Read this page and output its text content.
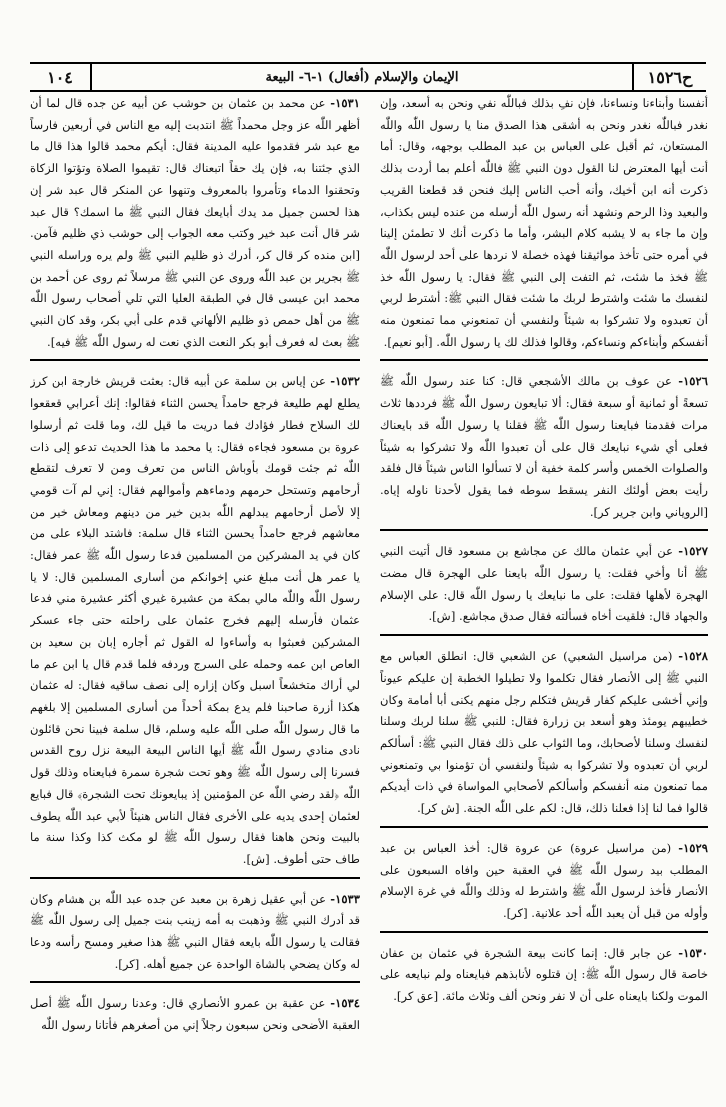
١٠٤	الإيمان والإسلام (أفعال) ١-٦- البيعة	ح١٥٢٦
أنفسنا وأبناءنا ونساءنا، فإن نفِ بذلك فباللّٰه نفي ونحن به أسعد، وإن نغدر فباللّٰه نغدر ونحن به أشقى هذا الصدق منا يا رسول اللّٰه واللّٰه المستعان، ثم أقبل على العباس بن عبد المطلب بوجهه، وقال: أما أنت أيها المعترض لنا القول دون النبي ﷺ فاللّٰه أعلم بما أردت بذلك ذكرت أنه ابن أخيك، وأنه أحب الناس إليك فنحن قد قطعنا القريب والبعيد وذا الرحم ونشهد أنه رسول اللّٰه أرسله من عنده ليس بكذاب، وإن ما جاء به لا يشبه كلام البشر، وأما ما ذكرت أنك لا تطمئن إلينا في أمره حتى تأخذ مواثيقنا فهذه خصلة لا نردها على أحد لرسول اللّٰه ﷺ فخذ ما شئت، ثم التفت إلى النبي ﷺ فقال: يا رسول اللّٰه خذ لنفسك ما شئت واشترط لربك ما شئت فقال النبي ﷺ: أشترط لربي أن تعبدوه ولا تشركوا به شيئاً ولنفسي أن تمنعوني مما تمنعون منه أنفسكم وأبناءكم ونساءكم، وقالوا فذلك لك يا رسول اللّٰه. [أبو نعيم].
١٥٢٦- عن عوف بن مالك الأشجعي قال: كنا عند رسول اللّٰه ﷺ تسعةً أو ثمانية أو سبعة فقال: ألا تبايعون رسول اللّٰه ﷺ فرددها ثلاث مرات فقدمنا فبايعنا رسول اللّٰه ﷺ فقلنا يا رسول اللّٰه قد بايعناك فعلى أي شيء نبايعك قال على أن تعبدوا اللّٰه ولا تشركوا به شيئاً والصلوات الخمس وأسر كلمة خفية أن لا تسألوا الناس شيئاً قال فلقد رأيت بعض أولئك النفر يسقط سوطه فما يقول لأحدنا ناوله إياه. [الروياني وابن جرير كر].
١٥٢٧- عن أبي عثمان مالك عن مجاشع بن مسعود قال أتيت النبي ﷺ أنا وأخي فقلت: يا رسول اللّٰه بايعنا على الهجرة قال مضت الهجرة لأهلها فقلت: على ما نبايعك يا رسول اللّٰه قال: على الإسلام والجهاد قال: فلقيت أخاه فسألته فقال صدق مجاشع. [ش].
١٥٢٨- (من مراسيل الشعبي) عن الشعبي قال: انطلق العباس مع النبي ﷺ إلى الأنصار فقال تكلموا ولا تطيلوا الخطبة إن عليكم عيوناً وإني أخشى عليكم كفار قريش فتكلم رجل منهم يكنى أبا أمامة وكان خطيبهم يومئذ وهو أسعد بن زرارة فقال: للنبي ﷺ سلنا لربك وسلنا لنفسك وسلنا لأصحابك، وما الثواب على ذلك فقال النبي ﷺ: أسألكم لربي أن تعبدوه ولا تشركوا به شيئاً ولنفسي أن تؤمنوا بي وتمنعوني مما تمنعون منه أنفسكم وأسألكم لأصحابي المواساة في ذات أيديكم قالوا فما لنا إذا فعلنا ذلك، قال: لكم على اللّٰه الجنة. [ش كر].
١٥٢٩- (من مراسيل عروة) عن عروة قال: أخذ العباس بن عبد المطلب بيد رسول اللّٰه ﷺ في العقبة حين وافاه السبعون على الأنصار فأخذ لرسول اللّٰه ﷺ واشترط له وذلك واللّٰه في غرة الإسلام وأوله من قبل أن يعبد اللّٰه أحد علانية. [كر].
١٥٣٠- عن جابر قال: إنما كانت بيعة الشجرة في عثمان بن عفان خاصة قال رسول اللّٰه ﷺ: إن قتلوه لأنابذهم فبايعناه ولم نبايعه على الموت ولكنا بايعناه على أن لا نفر ونحن ألف وثلاث مائة. [عق كر].
١٥٣١- عن محمد بن عثمان بن حوشب عن أبيه عن جده قال لما أن أظهر اللّٰه عز وجل محمداً ﷺ انتدبت إليه مع الناس في أربعين فارساً مع عبد شر فقدموا عليه المدينة فقال: أيكم محمد قالوا هذا قال ما الذي جئتنا به، فإن يك حقاً اتبعناك قال: تقيموا الصلاة وتؤتوا الزكاة وتحقنوا الدماء وتأمروا بالمعروف وتنهوا عن المنكر قال عبد شر إن هذا لحسن جميل مد يدك أبايعك فقال النبي ﷺ ما اسمك؟ قال عبد شر قال أنت عبد خير وكتب معه الجواب إلى حوشب ذي ظليم فآمن. [ابن منده كر قال كر، أدرك ذو ظليم النبي ﷺ ولم يره وراسله النبي ﷺ بجرير بن عبد اللّٰه وروى عن النبي ﷺ مرسلاً ثم روى عن أحمد بن محمد ابن عيسى قال في الطبقة العليا التي تلي أصحاب رسول اللّٰه ﷺ من أهل حمص ذو ظليم الألهاني قدم على أبي بكر، وقد كان النبي ﷺ بعث له فعرف أبو بكر النعت الذي نعت له رسول اللّٰه ﷺ فيه].
١٥٣٢- عن إياس بن سلمة عن أبيه قال: بعثت قريش خارجة ابن كرز يطلع لهم طليعة فرجع حامداً يحسن الثناء فقالوا: إنك أعرابي قعقعوا لك السلاح فطار فؤادك فما دريت ما قيل لك، وما قلت ثم أرسلوا عروة بن مسعود فجاءه فقال: يا محمد ما هذا الحديث تدعو إلى ذات اللّٰه ثم جئت قومك بأوباش الناس من تعرف ومن لا تعرف لتقطع أرحامهم وتستحل حرمهم ودماءهم وأموالهم فقال: إني لم آت قومي إلا لأصل أرحامهم يبدلهم اللّٰه بدين خير من دينهم ومعاش خير من معاشهم فرجع حامداً يحسن الثناء قال سلمة: فاشتد البلاء على من كان في يد المشركين من المسلمين فدعا رسول اللّٰه ﷺ عمر فقال: يا عمر هل أنت مبلغ عني إخوانكم من أسارى المسلمين قال: لا يا رسول اللّٰه واللّٰه مالي بمكة من عشيرة غيري أكثر عشيرة مني فدعا عثمان فأرسله إليهم فخرج عثمان على راحلته حتى جاء عسكر المشركين فعبثوا به وأساءوا له القول ثم أجاره إبان بن سعيد بن العاص ابن عمه وحمله على السرج وردفه فلما قدم قال يا ابن عم ما لي أراك متخشعاً اسبل وكان إزاره إلى نصف ساقيه فقال: له عثمان هكذا أزرة صاحبنا فلم يدع بمكة أحداً من أسارى المسلمين إلا بلغهم ما قال رسول اللّٰه صلى اللّٰه عليه وسلم، قال سلمة فبينا نحن قائلون نادى منادي رسول اللّٰه ﷺ أيها الناس البيعة البيعة نزل روح القدس فسرنا إلى رسول اللّٰه ﷺ وهو تحت شجرة سمرة فبايعناه وذلك قول اللّٰه ﴿لقد رضي اللّٰه عن المؤمنين إذ يبايعونك تحت الشجرة﴾ قال فبايع لعثمان إحدى يديه على الأخرى فقال الناس هنيئاً لأبي عبد اللّٰه يطوف بالبيت ونحن هاهنا فقال رسول اللّٰه ﷺ لو مكث كذا وكذا سنة ما طاف حتى أطوف. [ش].
١٥٣٣- عن أبي عقيل زهرة بن معبد عن جده عبد اللّٰه بن هشام وكان قد أدرك النبي ﷺ وذهبت به أمه زينب بنت جميل إلى رسول اللّٰه ﷺ فقالت يا رسول اللّٰه بايعه فقال النبي ﷺ هذا صغير ومسح رأسه ودعا له وكان يضحي بالشاة الواحدة عن جميع أهله. [كر].
١٥٣٤- عن عقبة بن عمرو الأنصاري قال: وعدنا رسول اللّٰه ﷺ أصل العقبة الأضحى ونحن سبعون رجلاً إني من أصغرهم فأتانا رسول اللّٰه
